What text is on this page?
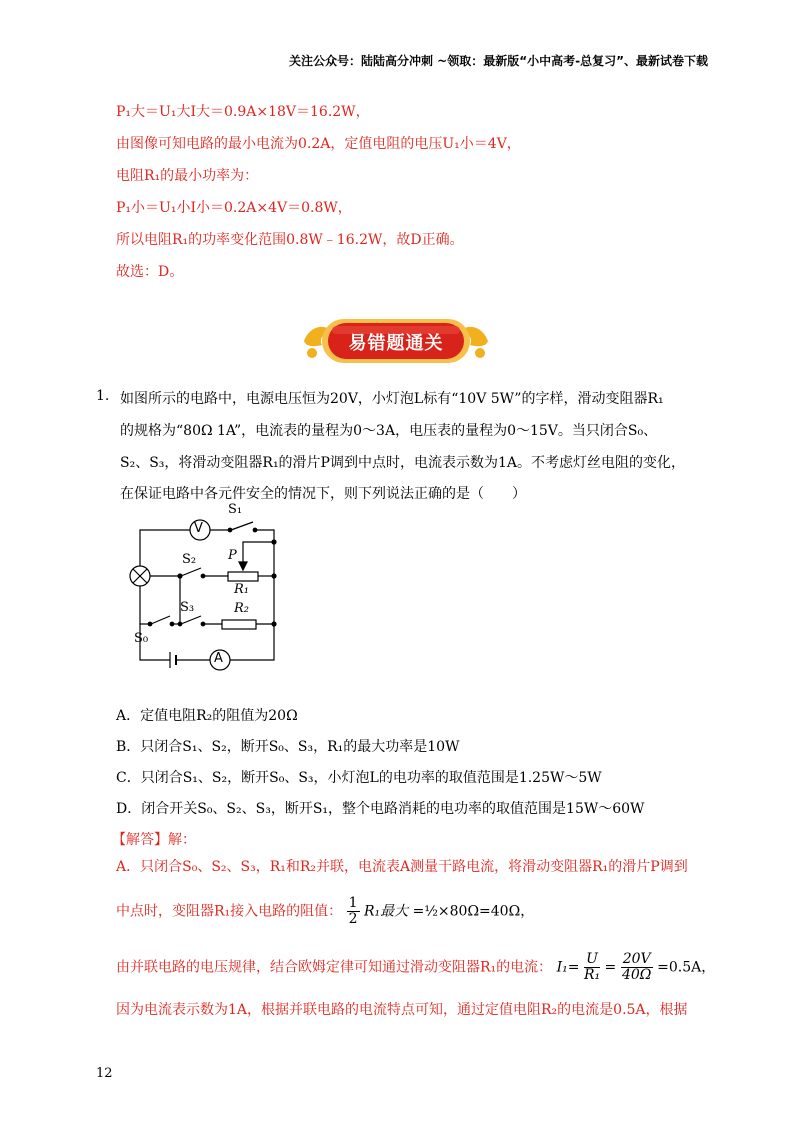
关注公众号：陆陆高分冲刺 ~领取：最新版“小中高考-总复习”、最新试卷下载
P₁大＝U₁大I大＝0.9A×18V＝16.2W，
由图像可知电路的最小电流为0.2A，定值电阻的电压U₁小＝4V，
电阻R₁的最小功率为：
P₁小＝U₁小I小＝0.2A×4V＝0.8W，
所以电阻R₁的功率变化范围0.8W﹣16.2W，故D正确。
故选：D。
易错题通关
1. 如图所示的电路中，电源电压恒为20V，小灯泡L标有“10V 5W”的字样，滑动变阻器R₁
的规格为“80Ω 1A”，电流表的量程为0～3A，电压表的量程为0～15V。当只闭合S₀、
S₂、S₃，将滑动变阻器R₁的滑片P调到中点时，电流表示数为1A。不考虑灯丝电阻的变化，
在保证电路中各元件安全的情况下，则下列说法正确的是（　　）
V
A
S₁
S₂ P
R₁
S₃	R₂
S₀
A．定值电阻R₂的阻值为20Ω
B．只闭合S₁、S₂，断开S₀、S₃，R₁的最大功率是10W
C．只闭合S₁、S₂，断开S₀、S₃，小灯泡L的电功率的取值范围是1.25W～5W
D．闭合开关S₀、S₂、S₃，断开S₁，整个电路消耗的电功率的取值范围是15W～60W
【解答】解：
A．只闭合S₀、S₂、S₃，R₁和R₂并联，电流表A测量干路电流，将滑动变阻器R₁的滑片P调到
中点时，变阻器R₁接入电路的阻值： $\frac{1}{2} R_1$最大 =½×80Ω=40Ω，
由并联电路的电压规律，结合欧姆定律可知通过滑动变阻器R₁的电流： $I_1= \frac{U}{\text{R₁}} = \frac{20V}{40\Omega} =0.5A$，
因为电流表示数为1A，根据并联电路的电流特点可知，通过定值电阻R₂的电流是0.5A，根据
12
